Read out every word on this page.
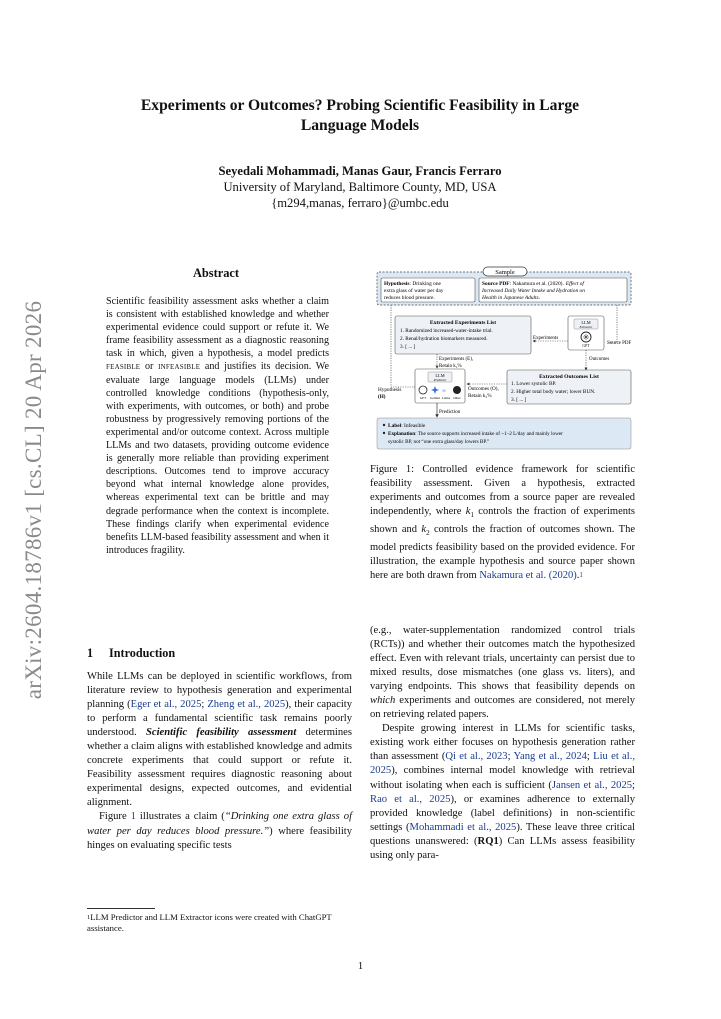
arXiv:2604.18786v1 [cs.CL] 20 Apr 2026
Experiments or Outcomes? Probing Scientific Feasibility in Large
Language Models
Seyedali Mohammadi, Manas Gaur, Francis Ferraro
University of Maryland, Baltimore County, MD, USA
{m294,manas, ferraro}@umbc.edu
Abstract

Scientific feasibility assessment asks whether a claim is consistent with established knowledge and whether experimental evidence could support or refute it. We frame feasibility assessment as a diagnostic reasoning task in which, given a hypothesis, a model predicts feasible or infeasible and justifies its decision. We evaluate large language models (LLMs) under controlled knowledge conditions (hypothesis-only, with experiments, with outcomes, or both) and probe robustness by progressively removing portions of the experimental and/or outcome context. Across multiple LLMs and two datasets, providing outcome evidence is generally more reliable than providing experiment descriptions. Outcomes tend to improve accuracy beyond what internal knowledge alone provides, whereas experimental text can be brittle and may degrade performance when the context is incomplete. These findings clarify when experimental evidence benefits LLM-based feasibility assessment and when it introduces fragility.

1 Introduction

While LLMs can be deployed in scientific workflows, from literature review to hypothesis generation and experimental planning (Eger et al., 2025; Zheng et al., 2025), their capacity to perform a fundamental scientific task remains poorly understood. Scientific feasibility assessment determines whether a claim aligns with established knowledge and admits concrete experiments that could support or refute it. Feasibility assessment requires diagnostic reasoning about experimental designs, expected outcomes, and evidential alignment.

Figure 1 illustrates a claim (“Drinking one extra glass of water per day reduces blood pressure.”) where feasibility hinges on evaluating specific tests

$^1$LLM Predictor and LLM Extractor icons were created with ChatGPT assistance.
Sample
Hypothesis: Drinking one
extra glass of water per day
reduces blood pressure.
Source PDF: Nakamura et al. (2020). Effect of
Increased Daily Water Intake and Hydration on
Health in Japanese Adults.
Extracted Experiments List
1. Randomized increased-water-intake trial.
2. Renal/hydration biomarkers measured.
3. [ ... ]
Experiments
LLM
Extractor
GPT	Source PDF
Outcomes
Experiments (E),
Retain k₁%
LLM
Predictor
∞
GPT Gemini Llama Other
Hypothesis
(H)
Outcomes (O),
Retain k₂%
Extracted Outcomes List
1. Lower systolic BP.
2. Higher total body water; lower BUN.
3. [ ... ]
Prediction
Label: Infeasible
Explanation: The source supports increased intake of ~1–2 L/day and mainly lower
systolic BP, not “one extra glass/day lowers BP.”
Figure 1: Controlled evidence framework for scientific feasibility assessment. Given a hypothesis, extracted experiments and outcomes from a source paper are revealed independently, where $k_1$ controls the fraction of experiments shown and $k_2$ controls the fraction of outcomes shown. The model predicts feasibility based on the provided evidence. For illustration, the example hypothesis and source paper shown here are both drawn from Nakamura et al. (2020).$^1$

(e.g., water-supplementation randomized control trials (RCTs)) and whether their outcomes match the hypothesized effect. Even with relevant trials, uncertainty can persist due to mixed results, dose mismatches (one glass vs. liters), and varying endpoints. This shows that feasibility depends on which experiments and outcomes are considered, not merely on retrieving related papers.

Despite growing interest in LLMs for scientific tasks, existing work either focuses on hypothesis generation rather than assessment (Qi et al., 2023; Yang et al., 2024; Liu et al., 2025), combines internal model knowledge with retrieval without isolating when each is sufficient (Jansen et al., 2025; Rao et al., 2025), or examines adherence to externally provided knowledge (label definitions) in non-scientific settings (Mohammadi et al., 2025). These leave three critical questions unanswered: (RQ1) Can LLMs assess feasibility using only para-

1
